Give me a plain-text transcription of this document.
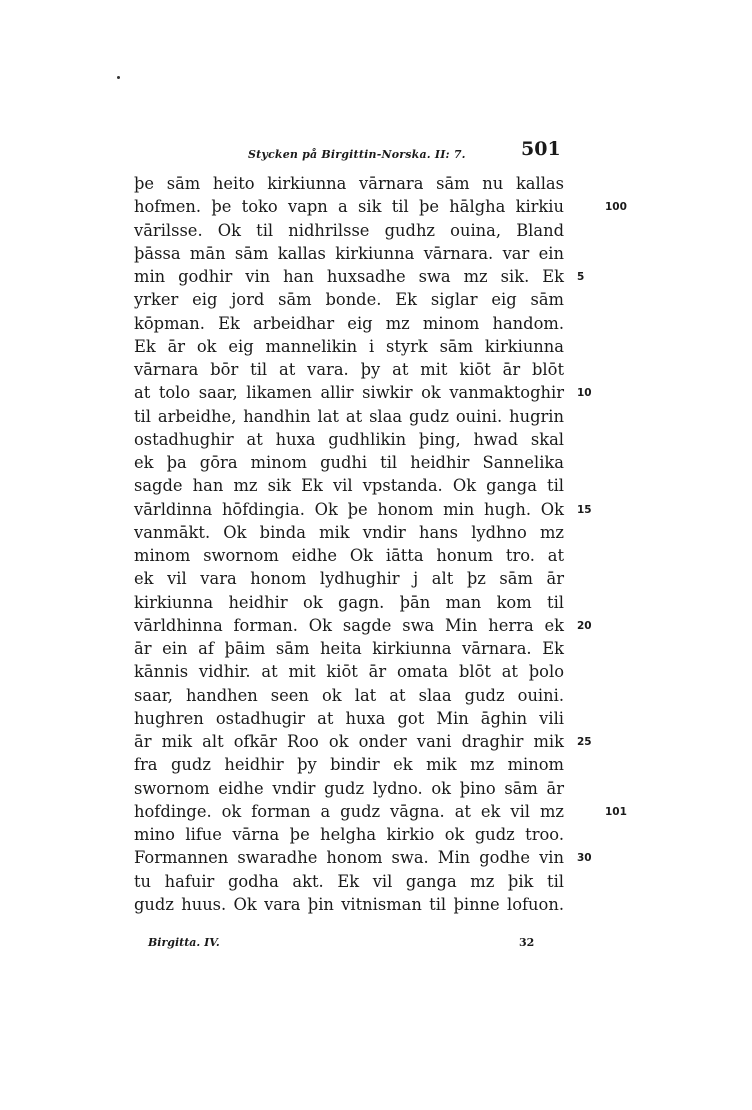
Stycken på Birgittin-Norska. II: 7.	501
þe sām heito kirkiunna vārnara sām nu kallas
hofmen. þe toko vapn a sik til þe hālgha kirkiu
vārilsse. Ok til nidhrilsse gudhz ouina, Bland
þāssa mān sām kallas kirkiunna vārnara. var ein
min godhir vin han huxsadhe swa mz sik. Ek
yrker eig jord sām bonde. Ek siglar eig sām
kōpman. Ek arbeidhar eig mz minom handom.
Ek ār ok eig mannelikin i styrk sām kirkiunna
vārnara bōr til at vara. þy at mit kiōt ār blōt
at tolo saar, likamen allir siwkir ok vanmaktoghir
til arbeidhe, handhin lat at slaa gudz ouini. hugrin
ostadhughir at huxa gudhlikin þing, hwad skal
ek þa gōra minom gudhi til heidhir Sannelika
sagde han mz sik Ek vil vpstanda. Ok ganga til
vārldinna hōfdingia. Ok þe honom min hugh. Ok
vanmākt. Ok binda mik vndir hans lydhno mz
minom swornom eidhe Ok iātta honum tro. at
ek vil vara honom lydhughir j alt þz sām ār
kirkiunna heidhir ok gagn. þān man kom til
vārldhinna forman. Ok sagde swa Min herra ek
ār ein af þāim sām heita kirkiunna vārnara. Ek
kānnis vidhir. at mit kiōt ār omata blōt at þolo
saar, handhen seen ok lat at slaa gudz ouini.
hughren ostadhugir at huxa got Min āghin vili
ār mik alt ofkār Roo ok onder vani draghir mik
fra gudz heidhir þy bindir ek mik mz minom
swornom eidhe vndir gudz lydno. ok þino sām ār
hofdinge. ok forman a gudz vāgna. at ek vil mz
mino lifue vārna þe helgha kirkio ok gudz troo.
Formannen swaradhe honom swa. Min godhe vin
tu hafuir godha akt. Ek vil ganga mz þik til
gudz huus. Ok vara þin vitnisman til þinne lofuon.
100
5
10
15
20
25
101
30
Birgitta. IV.	32
